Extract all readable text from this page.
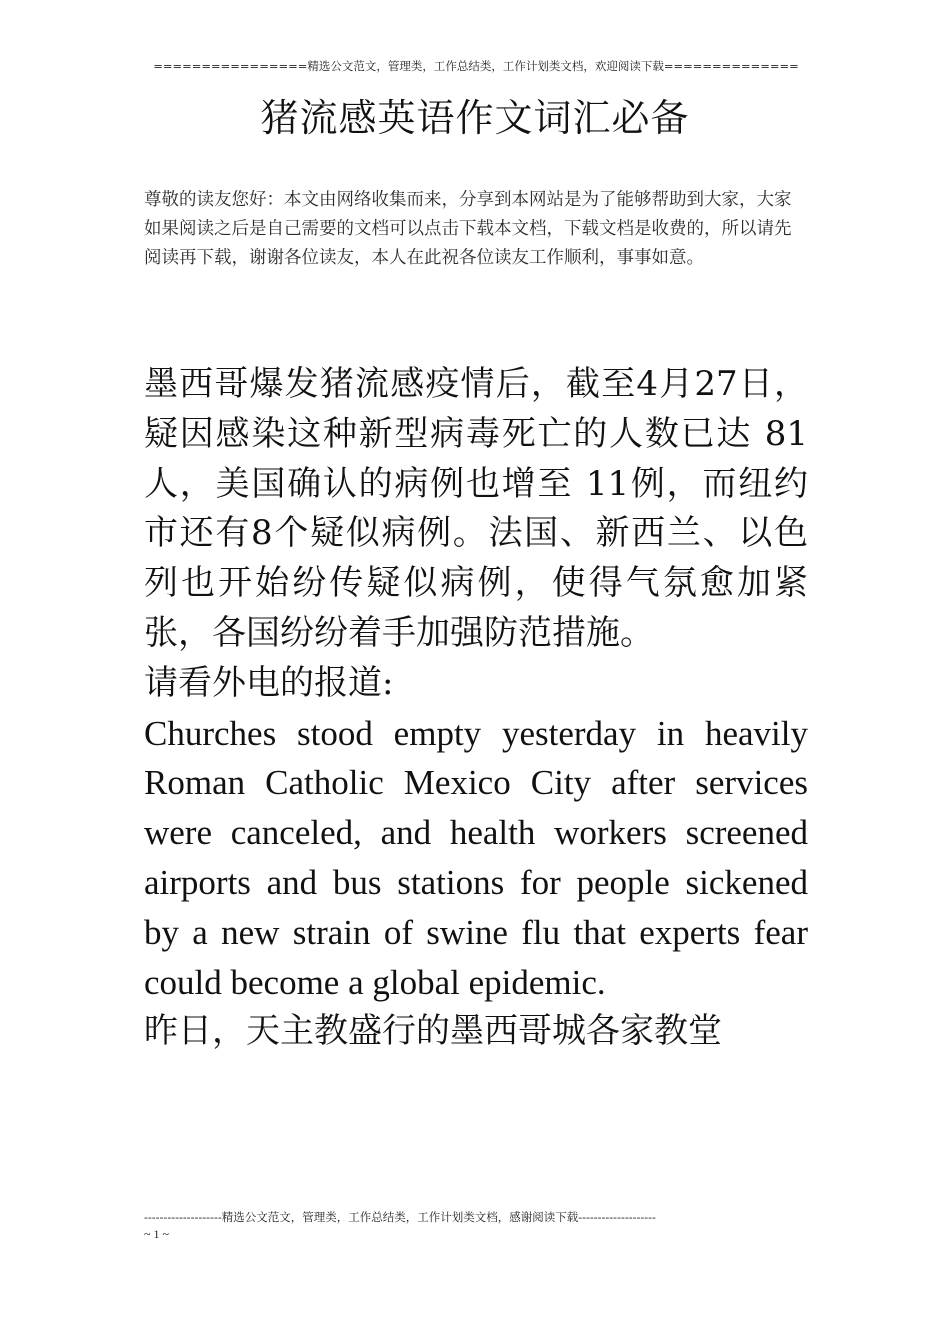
================精选公文范文，管理类，工作总结类，工作计划类文档，欢迎阅读下载==============
猪流感英语作文词汇必备
尊敬的读友您好：本文由网络收集而来，分享到本网站是为了能够帮助到大家，大家如果阅读之后是自己需要的文档可以点击下载本文档，下载文档是收费的，所以请先阅读再下载，谢谢各位读友，本人在此祝各位读友工作顺利，事事如意。

墨西哥爆发猪流感疫情后，截至4月27日，疑因感染这种新型病毒死亡的人数已达 81 人，美国确认的病例也增至 11例，而纽约市还有8个疑似病例。法国、新西兰、以色列也开始纷传疑似病例，使得气氛愈加紧张，各国纷纷着手加强防范措施。

请看外电的报道:

Churches stood empty yesterday in heavily Roman Catholic Mexico City after services were canceled, and health workers screened airports and bus stations for people sickened by a new strain of swine flu that experts fear could become a global epidemic.

昨日，天主教盛行的墨西哥城各家教堂

--------------------精选公文范文，管理类，工作总结类，工作计划类文档，感谢阅读下载--------------------
~ 1 ~
